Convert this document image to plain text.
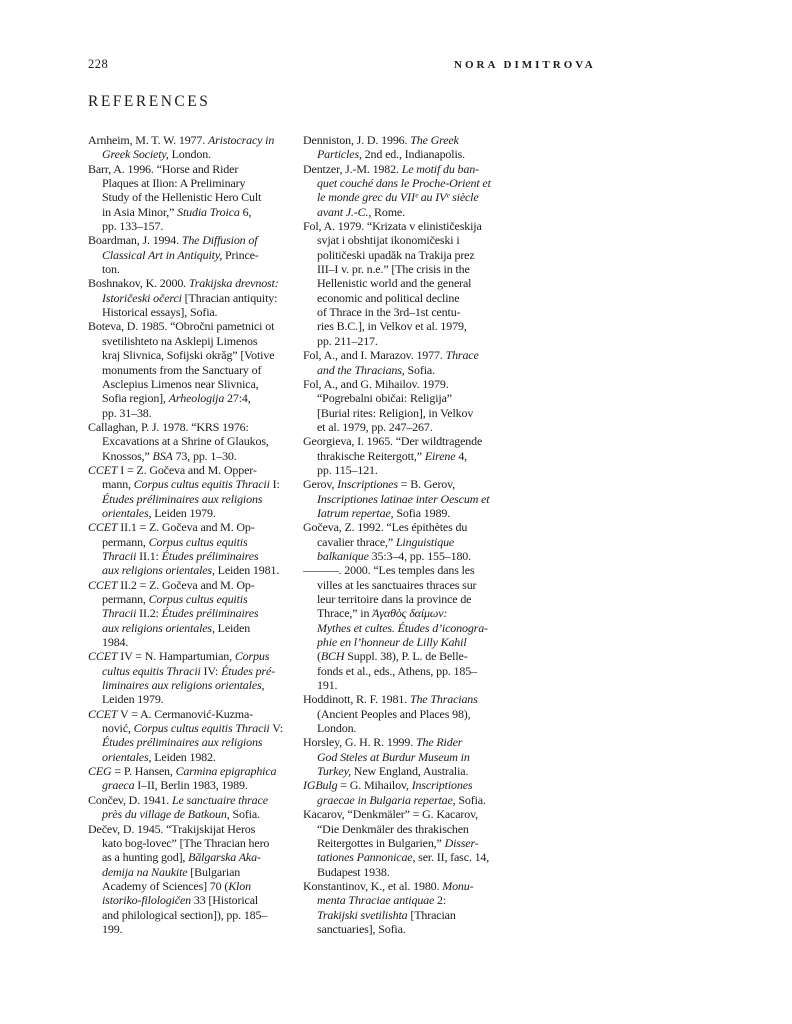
228	NORA DIMITROVA
REFERENCES
Arnheim, M. T. W. 1977. Aristocracy in
Greek Society, London.
Barr, A. 1996. “Horse and Rider
Plaques at Ilion: A Preliminary
Study of the Hellenistic Hero Cult
in Asia Minor,” Studia Troica 6,
pp. 133–157.
Boardman, J. 1994. The Diffusion of
Classical Art in Antiquity, Prince-
ton.
Boshnakov, K. 2000. Trakijska drevnost:
Istoričeski očerci [Thracian antiquity:
Historical essays], Sofia.
Boteva, D. 1985. “Obročni pametnici ot
svetilishteto na Asklepij Limenos
kraj Slivnica, Sofijski okrăg” [Votive
monuments from the Sanctuary of
Asclepius Limenos near Slivnica,
Sofia region], Arheologija 27:4,
pp. 31–38.
Callaghan, P. J. 1978. “KRS 1976:
Excavations at a Shrine of Glaukos,
Knossos,” BSA 73, pp. 1–30.
CCET I = Z. Gočeva and M. Opper-
mann, Corpus cultus equitis Thracii I:
Études préliminaires aux religions
orientales, Leiden 1979.
CCET II.1 = Z. Gočeva and M. Op-
permann, Corpus cultus equitis
Thracii II.1: Études préliminaires
aux religions orientales, Leiden 1981.
CCET II.2 = Z. Gočeva and M. Op-
permann, Corpus cultus equitis
Thracii II.2: Études préliminaires
aux religions orientales, Leiden
1984.
CCET IV = N. Hampartumian, Corpus
cultus equitis Thracii IV: Études pré-
liminaires aux religions orientales,
Leiden 1979.
CCET V = A. Cermanović-Kuzma-
nović, Corpus cultus equitis Thracii V:
Études préliminaires aux religions
orientales, Leiden 1982.
CEG = P. Hansen, Carmina epigraphica
graeca I–II, Berlin 1983, 1989.
Cončev, D. 1941. Le sanctuaire thrace
près du village de Batkoun, Sofia.
Dečev, D. 1945. “Trakijskijat Heros
kato bog-lovec” [The Thracian hero
as a hunting god], Bălgarska Aka-
demija na Naukite [Bulgarian
Academy of Sciences] 70 (Klon
istoriko-filologičen 33 [Historical
and philological section]), pp. 185–
199.
Denniston, J. D. 1996. The Greek
Particles, 2nd ed., Indianapolis.
Dentzer, J.-M. 1982. Le motif du ban-
quet couché dans le Proche-Orient et
le monde grec du VIIᵉ au IVᵉ siècle
avant J.-C., Rome.
Fol, A. 1979. “Krizata v elinističeskija
svjat i obshtijat ikonomičeski i
političeski upadăk na Trakija prez
III–I v. pr. n.e.” [The crisis in the
Hellenistic world and the general
economic and political decline
of Thrace in the 3rd–1st centu-
ries B.C.], in Velkov et al. 1979,
pp. 211–217.
Fol, A., and I. Marazov. 1977. Thrace
and the Thracians, Sofia.
Fol, A., and G. Mihailov. 1979.
“Pogrebalni običai: Religija”
[Burial rites: Religion], in Velkov
et al. 1979, pp. 247–267.
Georgieva, I. 1965. “Der wildtragende
thrakische Reitergott,” Eirene 4,
pp. 115–121.
Gerov, Inscriptiones = B. Gerov,
Inscriptiones latinae inter Oescum et
Iatrum repertae, Sofia 1989.
Gočeva, Z. 1992. “Les épithètes du
cavalier thrace,” Linguistique
balkanique 35:3–4, pp. 155–180.
———. 2000. “Les temples dans les
villes at les sanctuaires thraces sur
leur territoire dans la province de
Thrace,” in Ἀγαθὸς δαίμων:
Mythes et cultes. Études d’iconogra-
phie en l’honneur de Lilly Kahil
(BCH Suppl. 38), P. L. de Belle-
fonds et al., eds., Athens, pp. 185–
191.
Hoddinott, R. F. 1981. The Thracians
(Ancient Peoples and Places 98),
London.
Horsley, G. H. R. 1999. The Rider
God Steles at Burdur Museum in
Turkey, New England, Australia.
IGBulg = G. Mihailov, Inscriptiones
graecae in Bulgaria repertae, Sofia.
Kacarov, “Denkmäler” = G. Kacarov,
“Die Denkmäler des thrakischen
Reitergottes in Bulgarien,” Disser-
tationes Pannonicae, ser. II, fasc. 14,
Budapest 1938.
Konstantinov, K., et al. 1980. Monu-
menta Thraciae antiquae 2:
Trakijski svetilishta [Thracian
sanctuaries], Sofia.
